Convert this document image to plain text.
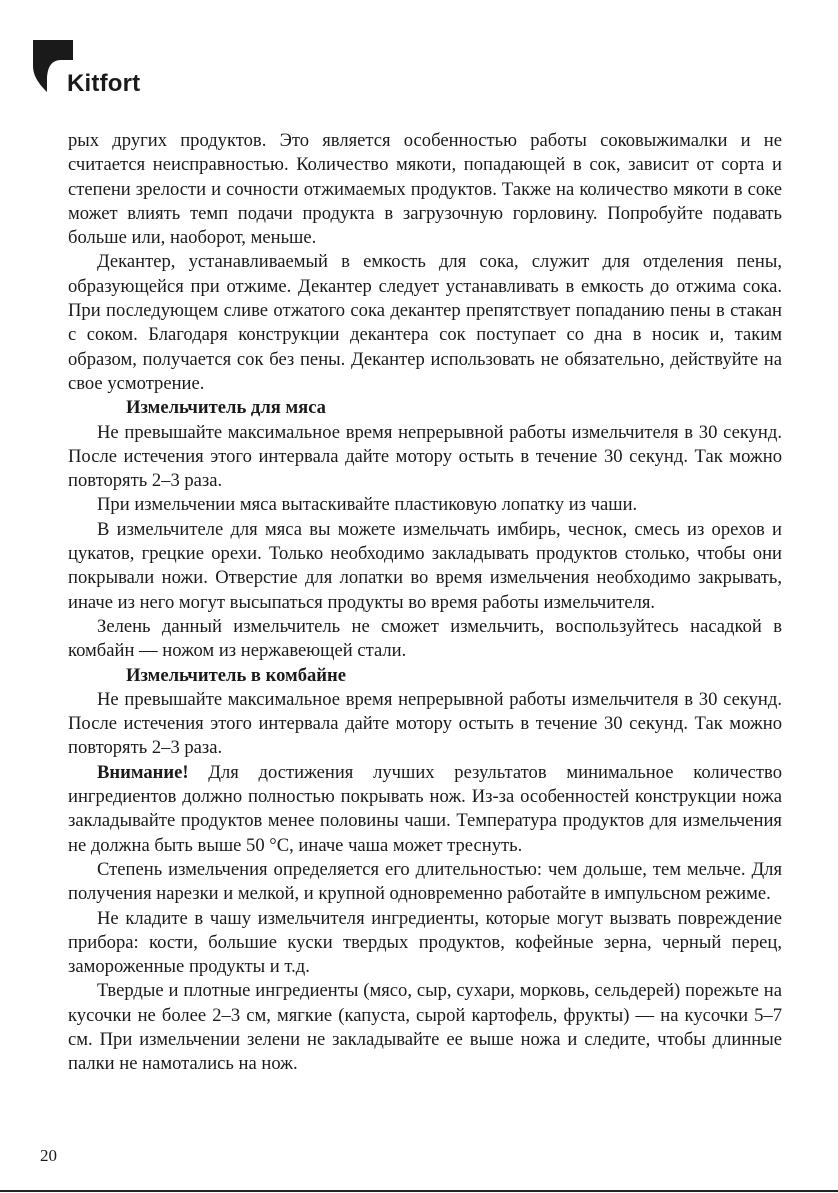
Kitfort

рых других продуктов. Это является особенностью работы соковыжималки и не считается неисправностью. Количество мякоти, попадающей в сок, зависит от сорта и степени зрелости и сочности отжимаемых продуктов. Также на количество мякоти в соке может влиять темп подачи продукта в загрузочную горловину. Попробуйте подавать больше или, наоборот, меньше.

Декантер, устанавливаемый в емкость для сока, служит для отделения пены, образующейся при отжиме. Декантер следует устанавливать в емкость до отжима сока. При последующем сливе отжатого сока декантер препятствует попаданию пены в стакан с соком. Благодаря конструкции декантера сок поступает со дна в носик и, таким образом, получается сок без пены. Декантер использовать не обязательно, действуйте на свое усмотрение.

Измельчитель для мяса

Не превышайте максимальное время непрерывной работы измельчителя в 30 секунд. После истечения этого интервала дайте мотору остыть в течение 30 секунд. Так можно повторять 2–3 раза.

При измельчении мяса вытаскивайте пластиковую лопатку из чаши.

В измельчителе для мяса вы можете измельчать имбирь, чеснок, смесь из орехов и цукатов, грецкие орехи. Только необходимо закладывать продуктов столько, чтобы они покрывали ножи. Отверстие для лопатки во время измельчения необходимо закрывать, иначе из него могут высыпаться продукты во время работы измельчителя.

Зелень данный измельчитель не сможет измельчить, воспользуйтесь насадкой в комбайн — ножом из нержавеющей стали.

Измельчитель в комбайне

Не превышайте максимальное время непрерывной работы измельчителя в 30 секунд. После истечения этого интервала дайте мотору остыть в течение 30 секунд. Так можно повторять 2–3 раза.

Внимание! Для достижения лучших результатов минимальное количество ингредиентов должно полностью покрывать нож. Из-за особенностей конструкции ножа закладывайте продуктов менее половины чаши. Температура продуктов для измельчения не должна быть выше 50 °C, иначе чаша может треснуть.

Степень измельчения определяется его длительностью: чем дольше, тем мельче. Для получения нарезки и мелкой, и крупной одновременно работайте в импульсном режиме.

Не кладите в чашу измельчителя ингредиенты, которые могут вызвать повреждение прибора: кости, большие куски твердых продуктов, кофейные зерна, черный перец, замороженные продукты и т.д.

Твердые и плотные ингредиенты (мясо, сыр, сухари, морковь, сельдерей) порежьте на кусочки не более 2–3 см, мягкие (капуста, сырой картофель, фрукты) — на кусочки 5–7 см. При измельчении зелени не закладывайте ее выше ножа и следите, чтобы длинные палки не намотались на нож.

20
